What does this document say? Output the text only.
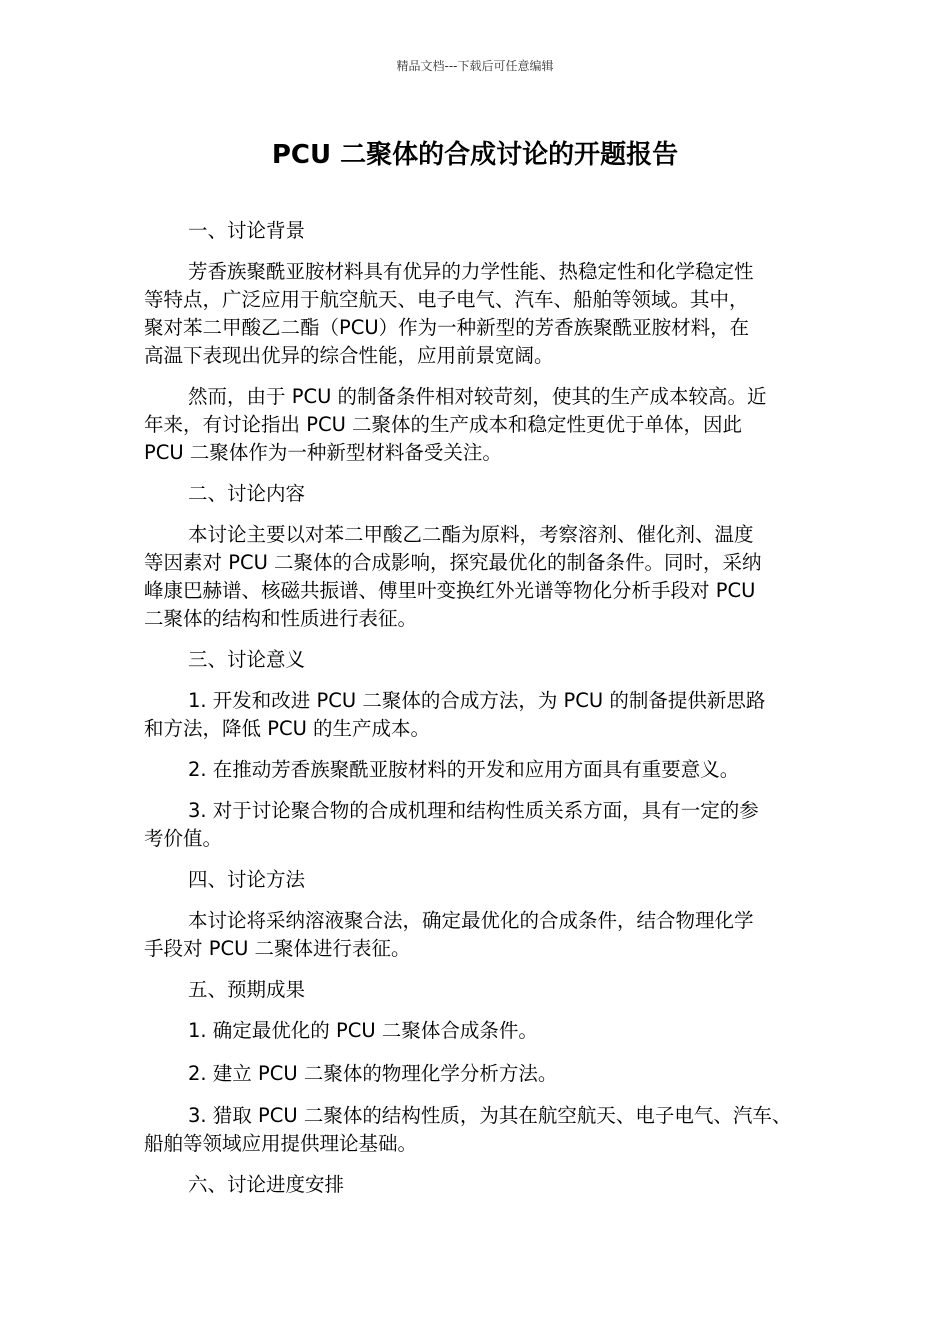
精品文档---下载后可任意编辑
PCU 二聚体的合成讨论的开题报告
一、讨论背景
芳香族聚酰亚胺材料具有优异的力学性能、热稳定性和化学稳定性
等特点，广泛应用于航空航天、电子电气、汽车、船舶等领域。其中，
聚对苯二甲酸乙二酯（PCU）作为一种新型的芳香族聚酰亚胺材料，在
高温下表现出优异的综合性能，应用前景宽阔。
然而，由于 PCU 的制备条件相对较苛刻，使其的生产成本较高。近
年来，有讨论指出 PCU 二聚体的生产成本和稳定性更优于单体，因此
PCU 二聚体作为一种新型材料备受关注。
二、讨论内容
本讨论主要以对苯二甲酸乙二酯为原料，考察溶剂、催化剂、温度
等因素对 PCU 二聚体的合成影响，探究最优化的制备条件。同时，采纳
峰康巴赫谱、核磁共振谱、傅里叶变换红外光谱等物化分析手段对 PCU
二聚体的结构和性质进行表征。
三、讨论意义
1. 开发和改进 PCU 二聚体的合成方法，为 PCU 的制备提供新思路
和方法，降低 PCU 的生产成本。
2. 在推动芳香族聚酰亚胺材料的开发和应用方面具有重要意义。
3. 对于讨论聚合物的合成机理和结构性质关系方面，具有一定的参
考价值。
四、讨论方法
本讨论将采纳溶液聚合法，确定最优化的合成条件，结合物理化学
手段对 PCU 二聚体进行表征。
五、预期成果
1. 确定最优化的 PCU 二聚体合成条件。
2. 建立 PCU 二聚体的物理化学分析方法。
3. 猎取 PCU 二聚体的结构性质，为其在航空航天、电子电气、汽车、
船舶等领域应用提供理论基础。
六、讨论进度安排
